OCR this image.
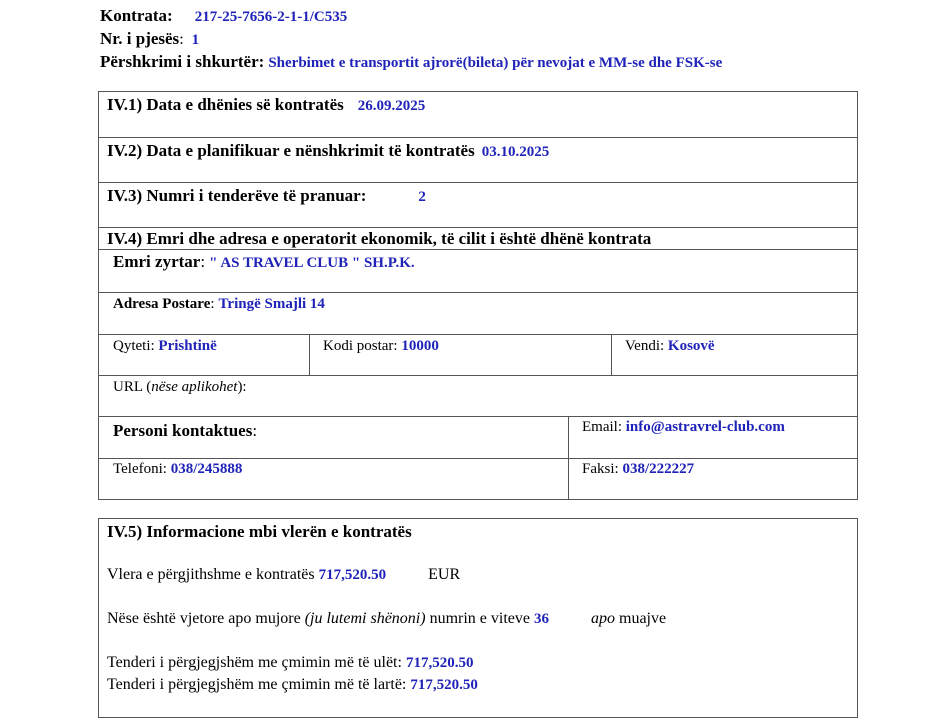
Kontrata: 217-25-7656-2-1-1/C535
Nr. i pjesës: 1
Përshkrimi i shkurtër: Sherbimet e transportit ajrorë(bileta) për nevojat e MM-se dhe FSK-se
IV.1) Data e dhënies së kontratës 26.09.2025
IV.2) Data e planifikuar e nënshkrimit të kontratës 03.10.2025
IV.3) Numri i tenderëve të pranuar:	2
IV.4) Emri dhe adresa e operatorit ekonomik, të cilit i është dhënë kontrata
Emri zyrtar: " AS TRAVEL CLUB " SH.P.K.
Adresa Postare: Tringë Smajli 14
Qyteti: Prishtinë	Kodi postar: 10000	Vendi: Kosovë
URL (nëse aplikohet):
Personi kontaktues:	Email: info@astravrel-club.com
Telefoni: 038/245888	Faksi: 038/222227
IV.5) Informacione mbi vlerën e kontratës
Vlera e përgjithshme e kontratës 717,520.50	EUR
Nëse është vjetore apo mujore (ju lutemi shënoni) numrin e viteve 36	apo muajve
Tenderi i përgjegjshëm me çmimin më të ulët: 717,520.50
Tenderi i përgjegjshëm me çmimin më të lartë: 717,520.50
